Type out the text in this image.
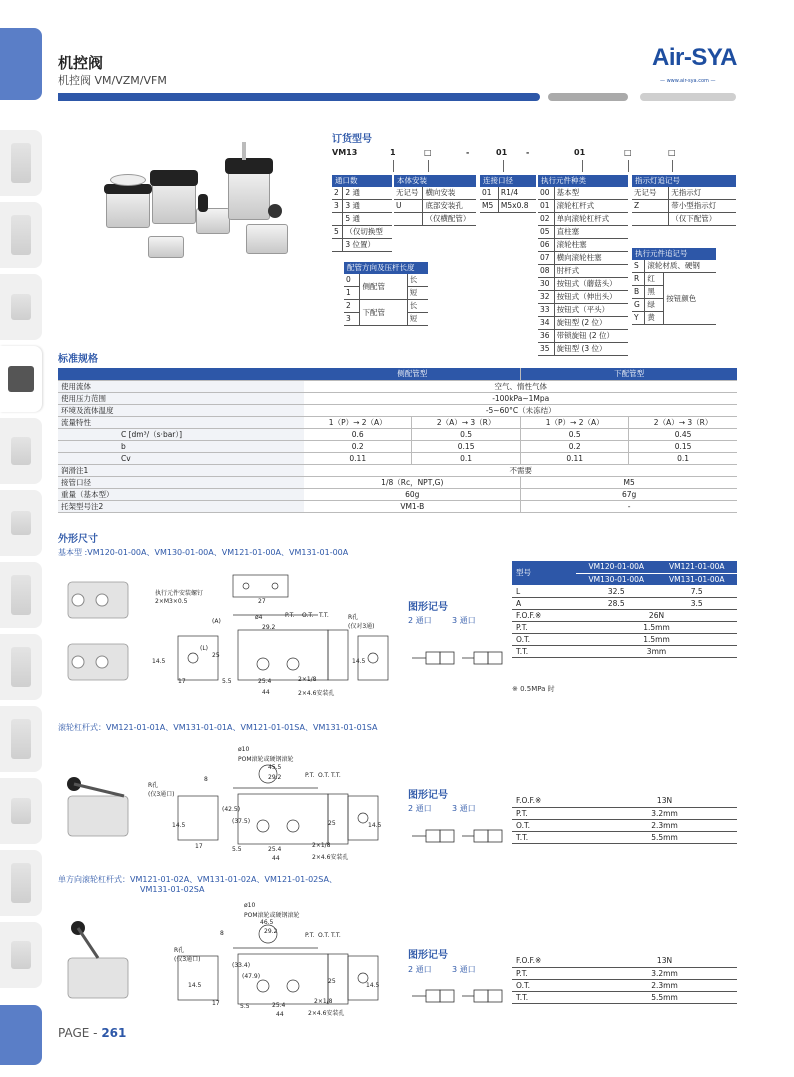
机控阀
机控阀 VM/VZM/VFM
Air-SYA
— www.air-sya.com —
订货型号
VM13	1	□	-	01 -	01	□	□
通口数	
2	2 通
3	3 通
	5 通
5	（仅切换型
	3 位置）
本体安装	
无记号	横向安装
U	底部安装孔
	（仅横配管）
连接口径	
01	R1/4
M5	M5x0.8
执行元件种类	
00	基本型
01	滚轮杠杆式
02	单向滚轮杠杆式
05	直柱塞
06	滚轮柱塞
07	横向滚轮柱塞
08	肘杆式
30	按钮式（蘑菇头）
32	按钮式（伸出头）
33	按钮式（平头）
34	旋钮型 (2 位）
36	带锁旋钮 (2 位）
35	旋钮型 (3 位）
指示灯追记号	
无记号	无指示灯
Z	带小型指示灯
	（仅下配管）
执行元件追记号		
S	滚轮材质、硬钢	
R	红	按钮颜色
B	黑	
G	绿	
Y	黄	
配管方向及压杆长度		
0	侧配管	长
1		短
2	下配管	长
3		短
标准规格
		侧配管型		下配管型	
使用流体		空气、惰性气体			
使用压力范围		-100kPa~1Mpa			
环境及流体温度		-5~60°C（未冻结）			
流量特性		1（P）→ 2（A）	2（A）→ 3（R）	1（P）→ 2（A）	2（A）→ 3（R）
	C [dm³/（s·bar）]	0.6	0.5	0.5	0.45
	b	0.2	0.15	0.2	0.15
	Cv	0.11	0.1	0.11	0.1
润滑注1		不需要			
接管口径		1/8（Rc，NPT,G)		M5	
重量（基本型）		60g		67g	
托架型号注2		VM1-B		-	
外形尺寸
基本型 :VM120-01-00A、VM130-01-00A、VM121-01-00A、VM131-01-00A
执行元件安装螺钉
2×M3×0.5	27
ø4
29.2
R孔
(仅对3通)
P.T. O.T. T.T.
(A)
(L)
25
14.5	14.5
17	5.5	25.4
44
2×1/8
2×4.6安装孔
图形记号
2 通口	3 通口
型号	VM120-01-00A	VM121-01-00A
	VM130-01-00A	VM131-01-00A
L	32.5	7.5
A	28.5	3.5
F.O.F.※	26N	
P.T.	1.5mm	
O.T.	1.5mm	
T.T.	3mm	
※ 0.5MPa 时
滚轮杠杆式：VM121-01-01A、VM131-01-01A、VM121-01-01SA、VM131-01-01SA
ø10
POM滚轮或硬钢滚轮
45.5
29.2
R孔
(仅3通口)
8
P.T. O.T. T.T.
(42.5)
(37.5)
14.5	14.5
25
17	5.5	25.4
44
2×1/8
2×4.6安装孔
图形记号
2 通口	3 通口
F.O.F.※	13N
P.T.	3.2mm
O.T.	2.3mm
T.T.	5.5mm
单方向滚轮杠杆式：VM121-01-02A、VM131-01-02A、VM121-01-02SA、
VM131-01-02SA
ø10
POM滚轮或硬钢滚轮
46.5
29.2
R孔
(仅3通口)
8	P.T. O.T. T.T.
(33.4)
(47.9)
14.5	14.5
25
17	5.5	25.4
44
2×1/8
2×4.6安装孔
图形记号
2 通口	3 通口
F.O.F.※	13N
P.T.	3.2mm
O.T.	2.3mm
T.T.	5.5mm
PAGE - 261
